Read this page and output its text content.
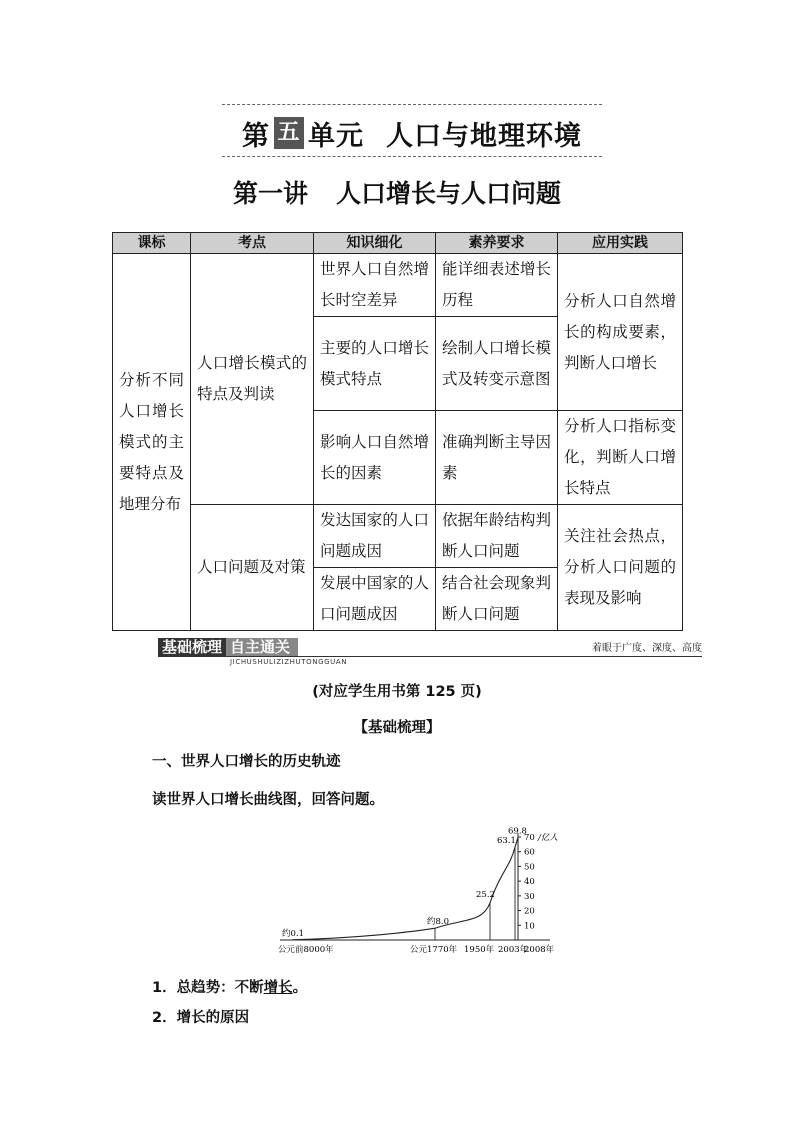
第 五 单元 人口与地理环境
第一讲 人口增长与人口问题
课标	考点	知识细化	素养要求	应用实践
分析不同人口增长模式的主要特点及地理分布	人口增长模式的特点及判读	世界人口自然增长时空差异	能详细表述增长历程	分析人口自然增长的构成要素，判断人口增长
		主要的人口增长模式特点	绘制人口增长模式及转变示意图	
		影响人口自然增长的因素	准确判断主导因素	分析人口指标变化，判断人口增长特点
	人口问题及对策	发达国家的人口问题成因	依据年龄结构判断人口问题	关注社会热点，分析人口问题的表现及影响
		发展中国家的人口问题成因	结合社会现象判断人口问题	
基础梳理 自主通关
JICHUSHULIZIZHUTONGGUAN
着眼于广度、深度、高度
(对应学生用书第 125 页)
【基础梳理】
一、世界人口增长的历史轨迹
读世界人口增长曲线图，回答问题。
10
20
30
40
50
60
70 /亿人
约0.1
约8.0
25.2
63.1
69.8
公元前8000年	公元1770年 1950年 2003年
2008年
1．总趋势：不断增长。
2．增长的原因
